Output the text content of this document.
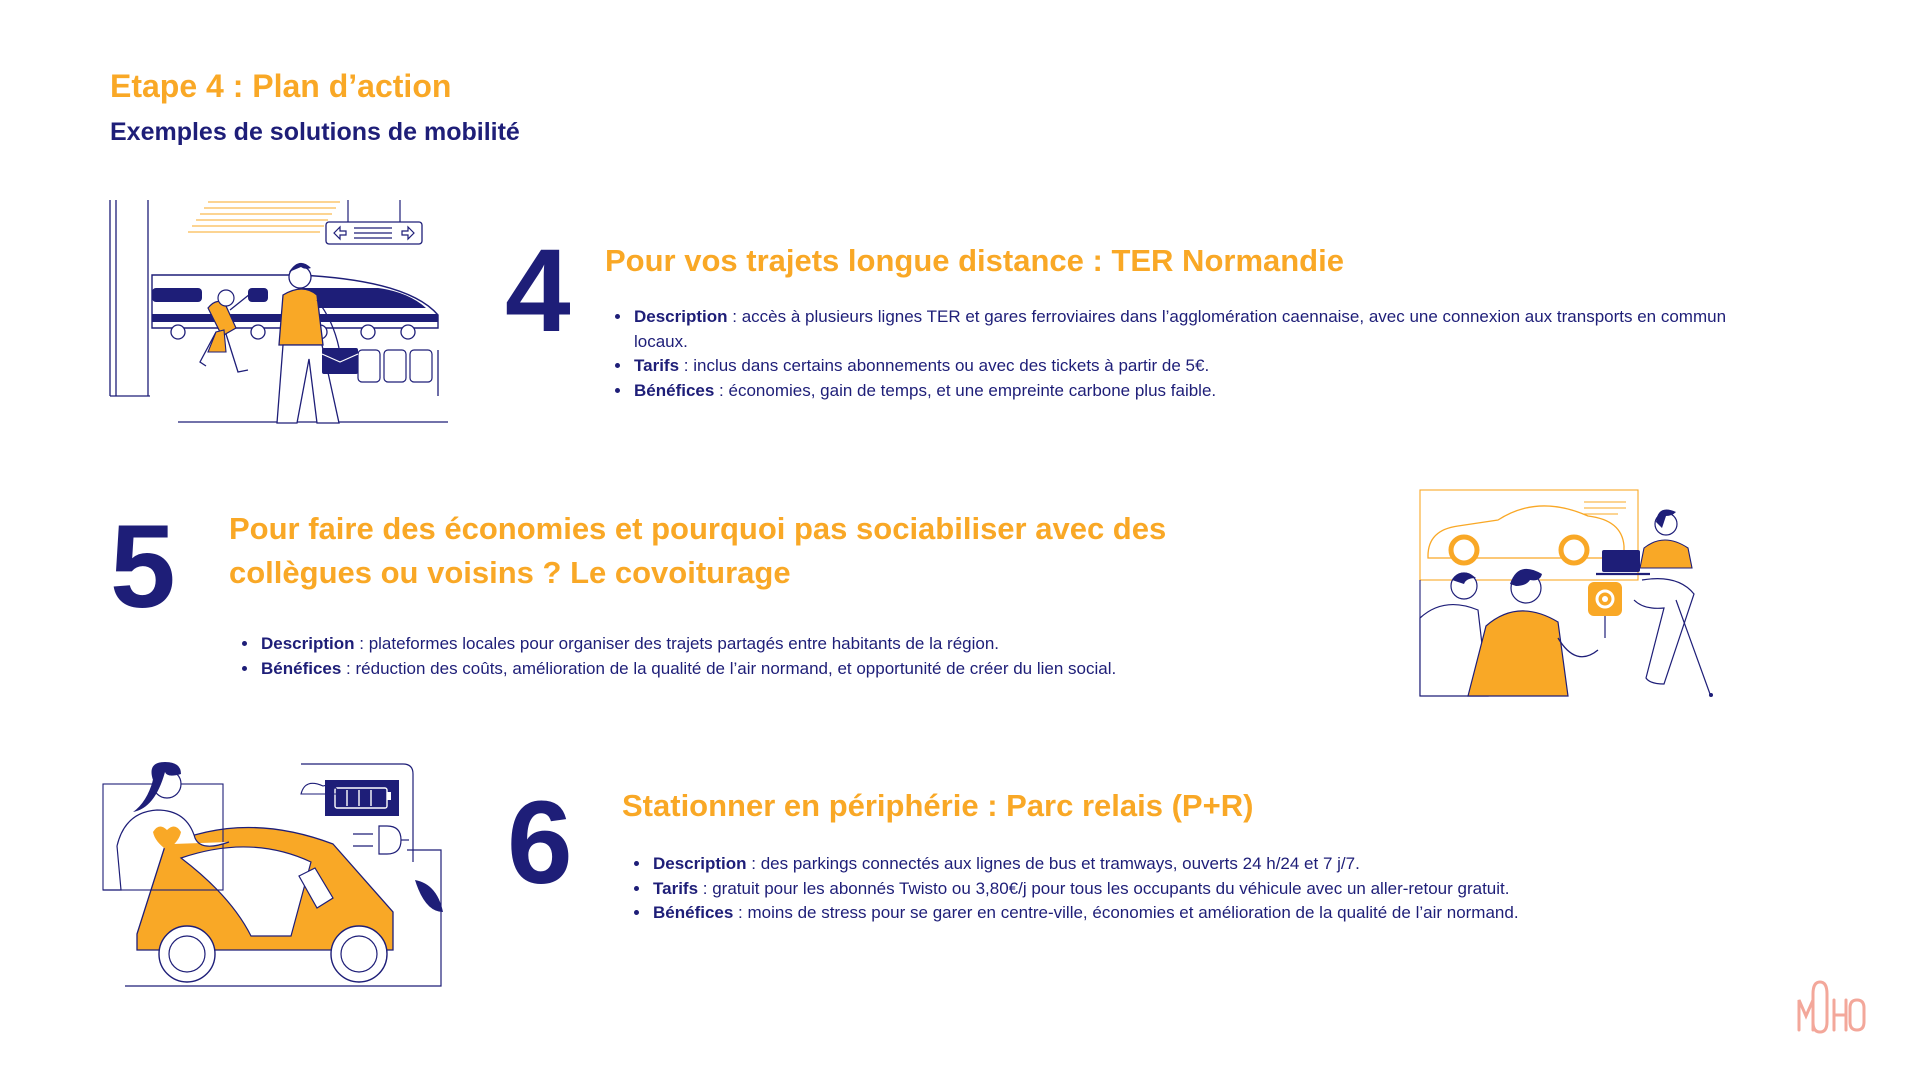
Etape 4 : Plan d’action
Exemples de solutions de mobilité
4 Pour vos trajets longue distance : TER Normandie
• Description : accès à plusieurs lignes TER et gares ferroviaires dans l’agglomération caennaise, avec une connexion aux transports en commun locaux.
• Tarifs : inclus dans certains abonnements ou avec des tickets à partir de 5€.
• Bénéfices : économies, gain de temps, et une empreinte carbone plus faible.
5 Pour faire des économies et pourquoi pas sociabiliser avec des
collègues ou voisins ? Le covoiturage
• Description : plateformes locales pour organiser des trajets partagés entre habitants de la région.
• Bénéfices : réduction des coûts, amélioration de la qualité de l’air normand, et opportunité de créer du lien social.
6 Stationner en périphérie : Parc relais (P+R)
• Description : des parkings connectés aux lignes de bus et tramways, ouverts 24 h/24 et 7 j/7.
• Tarifs : gratuit pour les abonnés Twisto ou 3,80€/j pour tous les occupants du véhicule avec un aller-retour gratuit.
• Bénéfices : moins de stress pour se garer en centre-ville, économies et amélioration de la qualité de l’air normand.
